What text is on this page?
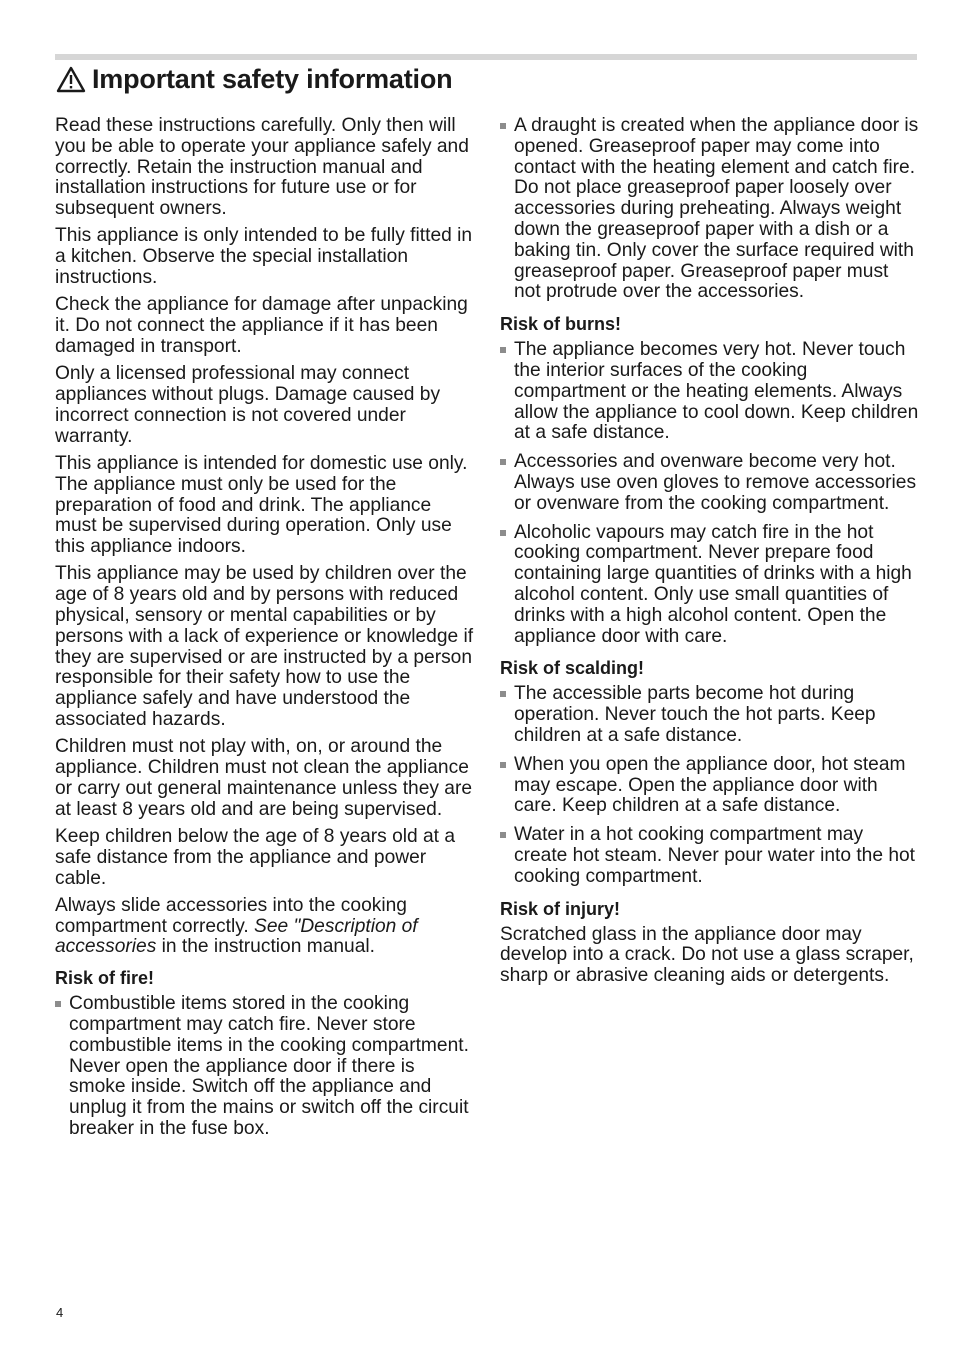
Important safety information

Read these instructions carefully. Only then will you be able to operate your appliance safely and correctly. Retain the instruction manual and installation instructions for future use or for subsequent owners.

This appliance is only intended to be fully fitted in a kitchen. Observe the special installation instructions.

Check the appliance for damage after unpacking it. Do not connect the appliance if it has been damaged in transport.

Only a licensed professional may connect appliances without plugs. Damage caused by incorrect connection is not covered under warranty.

This appliance is intended for domestic use only. The appliance must only be used for the preparation of food and drink. The appliance must be supervised during operation. Only use this appliance indoors.

This appliance may be used by children over the age of 8 years old and by persons with reduced physical, sensory or mental capabilities or by persons with a lack of experience or knowledge if they are supervised or are instructed by a person responsible for their safety how to use the appliance safely and have understood the associated hazards.

Children must not play with, on, or around the appliance. Children must not clean the appliance or carry out general maintenance unless they are at least 8 years old and are being supervised.

Keep children below the age of 8 years old at a safe distance from the appliance and power cable.

Always slide accessories into the cooking compartment correctly. See "Description of accessories in the instruction manual.

Risk of fire!
Combustible items stored in the cooking compartment may catch fire. Never store combustible items in the cooking compartment. Never open the appliance door if there is smoke inside. Switch off the appliance and unplug it from the mains or switch off the circuit breaker in the fuse box.
A draught is created when the appliance door is opened. Greaseproof paper may come into contact with the heating element and catch fire. Do not place greaseproof paper loosely over accessories during preheating. Always weight down the greaseproof paper with a dish or a baking tin. Only cover the surface required with greaseproof paper. Greaseproof paper must not protrude over the accessories.
Risk of burns!
The appliance becomes very hot. Never touch the interior surfaces of the cooking compartment or the heating elements. Always allow the appliance to cool down. Keep children at a safe distance.
Accessories and ovenware become very hot. Always use oven gloves to remove accessories or ovenware from the cooking compartment.
Alcoholic vapours may catch fire in the hot cooking compartment. Never prepare food containing large quantities of drinks with a high alcohol content. Only use small quantities of drinks with a high alcohol content. Open the appliance door with care.
Risk of scalding!
The accessible parts become hot during operation. Never touch the hot parts. Keep children at a safe distance.
When you open the appliance door, hot steam may escape. Open the appliance door with care. Keep children at a safe distance.
Water in a hot cooking compartment may create hot steam. Never pour water into the hot cooking compartment.
Risk of injury!

Scratched glass in the appliance door may develop into a crack. Do not use a glass scraper, sharp or abrasive cleaning aids or detergents.

4
